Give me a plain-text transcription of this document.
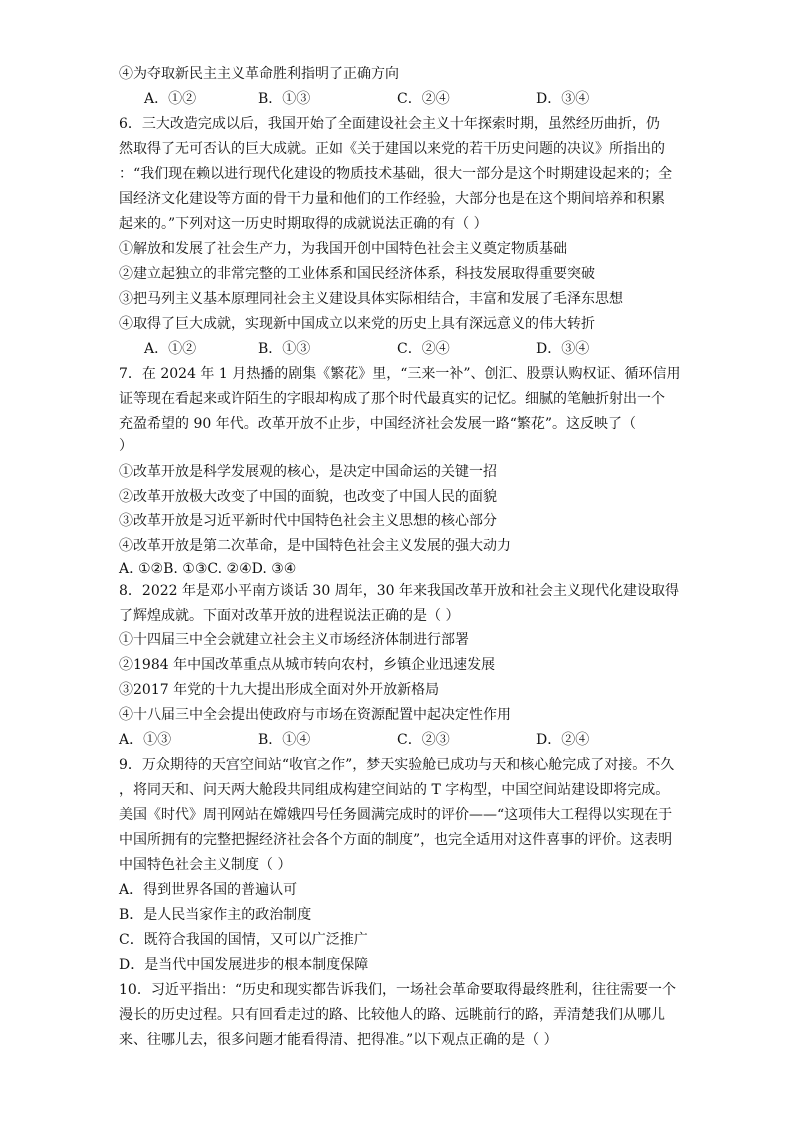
④为夺取新民主主义革命胜利指明了正确方向
A．①②	B．①③	C．②④	D．③④
6．三大改造完成以后，我国开始了全面建设社会主义十年探索时期，虽然经历曲折，仍
然取得了无可否认的巨大成就。正如《关于建国以来党的若干历史问题的决议》所指出的
：“我们现在赖以进行现代化建设的物质技术基础，很大一部分是这个时期建设起来的；全
国经济文化建设等方面的骨干力量和他们的工作经验，大部分也是在这个期间培养和积累
起来的。”下列对这一历史时期取得的成就说法正确的有（ ）
①解放和发展了社会生产力，为我国开创中国特色社会主义奠定物质基础
②建立起独立的非常完整的工业体系和国民经济体系，科技发展取得重要突破
③把马列主义基本原理同社会主义建设具体实际相结合，丰富和发展了毛泽东思想
④取得了巨大成就，实现新中国成立以来党的历史上具有深远意义的伟大转折
A．①②	B．①③	C．②④	D．③④
7．在 2024 年 1 月热播的剧集《繁花》里，“三来一补”、创汇、股票认购权证、循环信用
证等现在看起来或许陌生的字眼却构成了那个时代最真实的记忆。细腻的笔触折射出一个
充盈希望的 90 年代。改革开放不止步，中国经济社会发展一路“繁花”。这反映了（
）
①改革开放是科学发展观的核心，是决定中国命运的关键一招
②改革开放极大改变了中国的面貌，也改变了中国人民的面貌
③改革开放是习近平新时代中国特色社会主义思想的核心部分
④改革开放是第二次革命，是中国特色社会主义发展的强大动力
A. ①②B. ①③C. ②④D. ③④
8．2022 年是邓小平南方谈话 30 周年，30 年来我国改革开放和社会主义现代化建设取得
了辉煌成就。下面对改革开放的进程说法正确的是（ ）
①十四届三中全会就建立社会主义市场经济体制进行部署
②1984 年中国改革重点从城市转向农村，乡镇企业迅速发展
③2017 年党的十九大提出形成全面对外开放新格局
④十八届三中全会提出使政府与市场在资源配置中起决定性作用
A．①③	B．①④	C．②③	D．②④
9．万众期待的天宫空间站“收官之作”，梦天实验舱已成功与天和核心舱完成了对接。不久
，将同天和、问天两大舱段共同组成构建空间站的 T 字构型，中国空间站建设即将完成。
美国《时代》周刊网站在嫦娥四号任务圆满完成时的评价——“这项伟大工程得以实现在于
中国所拥有的完整把握经济社会各个方面的制度”，也完全适用对这件喜事的评价。这表明
中国特色社会主义制度（ ）
A．得到世界各国的普遍认可
B．是人民当家作主的政治制度
C．既符合我国的国情，又可以广泛推广
D．是当代中国发展进步的根本制度保障
10．习近平指出：“历史和现实都告诉我们，一场社会革命要取得最终胜利，往往需要一个
漫长的历史过程。只有回看走过的路、比较他人的路、远眺前行的路，弄清楚我们从哪儿
来、往哪儿去，很多问题才能看得清、把得准。”以下观点正确的是（ ）
